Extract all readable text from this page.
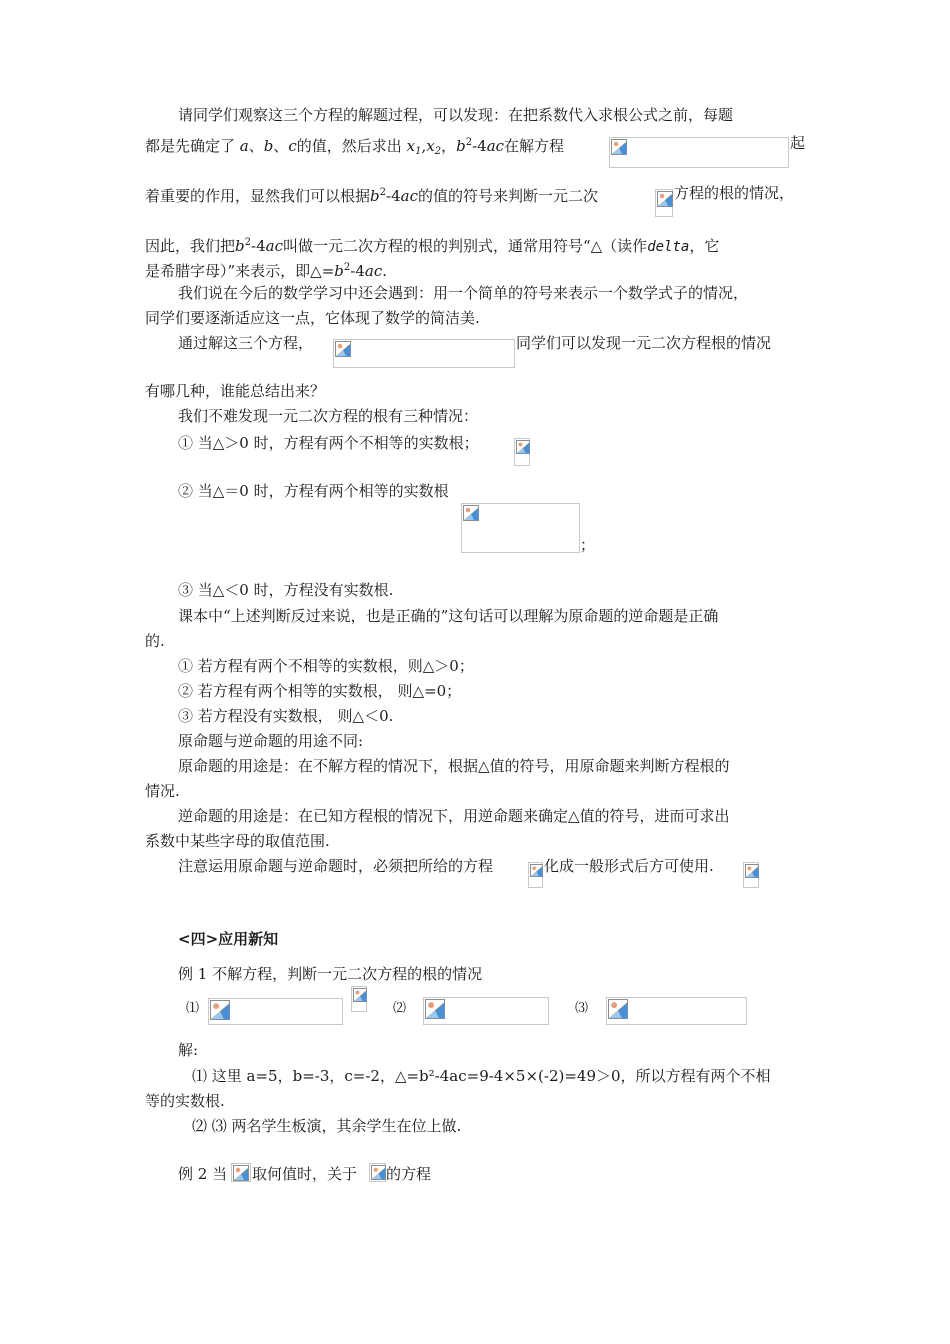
请同学们观察这三个方程的解题过程，可以发现：在把系数代入求根公式之前，每题
都是先确定了 a、b、c的值，然后求出 $x_1,x_2$，$b^2-4ac$在解方程	起
着重要的作用，显然我们可以根据$b^2-4ac$的值的符号来判断一元二次	方程的根的情况，
因此，我们把$b^2-4ac$叫做一元二次方程的根的判别式，通常用符号“△（读作delta，它
是希腊字母）”来表示，即$\triangle=b^2-4ac$.
我们说在今后的数学学习中还会遇到：用一个简单的符号来表示一个数学式子的情况，
同学们要逐渐适应这一点，它体现了数学的简洁美.
通过解这三个方程，	同学们可以发现一元二次方程根的情况
有哪几种，谁能总结出来？
我们不难发现一元二次方程的根有三种情况：
① 当△＞0 时，方程有两个不相等的实数根；
② 当△＝0 时，方程有两个相等的实数根
；
③ 当△＜0 时，方程没有实数根.
课本中“上述判断反过来说，也是正确的”这句话可以理解为原命题的逆命题是正确
的.
① 若方程有两个不相等的实数根，则△＞0；
② 若方程有两个相等的实数根， 则△=0；
③ 若方程没有实数根， 则△＜0.
原命题与逆命题的用途不同:
原命题的用途是：在不解方程的情况下，根据△值的符号，用原命题来判断方程根的
情况.
逆命题的用途是：在已知方程根的情况下，用逆命题来确定△值的符号，进而可求出
系数中某些字母的取值范围.
注意运用原命题与逆命题时，必须把所给的方程	化成一般形式后方可使用.
<四>应用新知
例 1 不解方程，判断一元二次方程的根的情况
⑴	⑵	⑶
解:
⑴ 这里 a=5，b=-3，c=-2，△=b²-4ac=9-4×5×(-2)=49＞0，所以方程有两个不相
等的实数根.
⑵ ⑶ 两名学生板演，其余学生在位上做.
例 2 当 取何值时，关于 的方程
